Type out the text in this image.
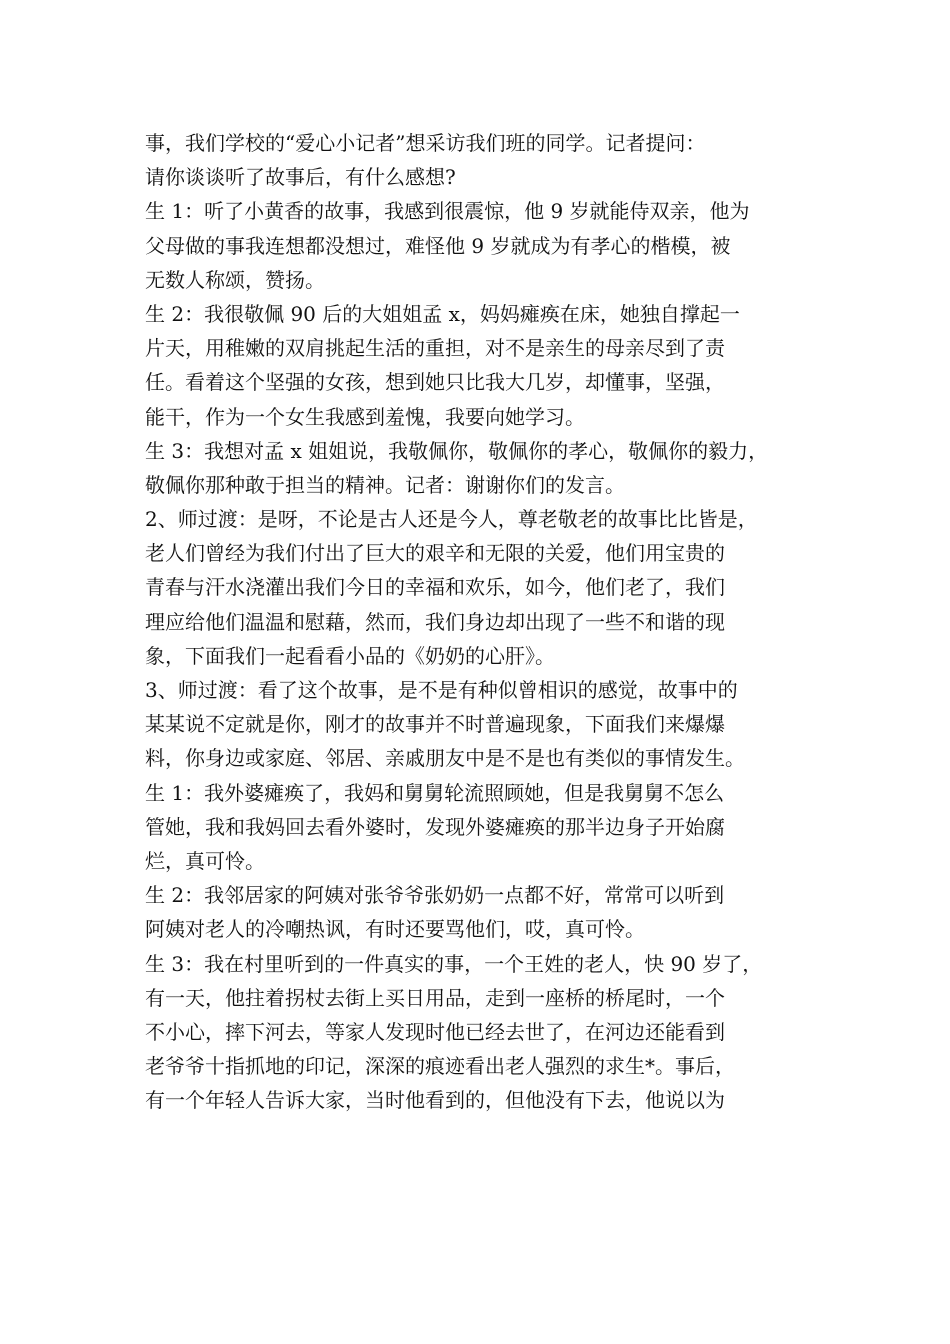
事，我们学校的“爱心小记者”想采访我们班的同学。记者提问：
请你谈谈听了故事后，有什么感想?
生 1：听了小黄香的故事，我感到很震惊，他 9 岁就能侍双亲，他为
父母做的事我连想都没想过，难怪他 9 岁就成为有孝心的楷模，被
无数人称颂，赞扬。
生 2：我很敬佩 90 后的大姐姐孟 x，妈妈瘫痪在床，她独自撑起一
片天，用稚嫩的双肩挑起生活的重担，对不是亲生的母亲尽到了责
任。看着这个坚强的女孩，想到她只比我大几岁，却懂事，坚强，
能干，作为一个女生我感到羞愧，我要向她学习。
生 3：我想对孟 x 姐姐说，我敬佩你，敬佩你的孝心，敬佩你的毅力，
敬佩你那种敢于担当的精神。记者：谢谢你们的发言。
2、师过渡：是呀，不论是古人还是今人，尊老敬老的故事比比皆是，
老人们曾经为我们付出了巨大的艰辛和无限的关爱，他们用宝贵的
青春与汗水浇灌出我们今日的幸福和欢乐，如今，他们老了，我们
理应给他们温温和慰藉，然而，我们身边却出现了一些不和谐的现
象，下面我们一起看看小品的《奶奶的心肝》。
3、师过渡：看了这个故事，是不是有种似曾相识的感觉，故事中的
某某说不定就是你，刚才的故事并不时普遍现象，下面我们来爆爆
料，你身边或家庭、邻居、亲戚朋友中是不是也有类似的事情发生。
生 1：我外婆瘫痪了，我妈和舅舅轮流照顾她，但是我舅舅不怎么
管她，我和我妈回去看外婆时，发现外婆瘫痪的那半边身子开始腐
烂，真可怜。
生 2：我邻居家的阿姨对张爷爷张奶奶一点都不好，常常可以听到
阿姨对老人的冷嘲热讽，有时还要骂他们，哎，真可怜。
生 3：我在村里听到的一件真实的事，一个王姓的老人，快 90 岁了，
有一天，他拄着拐杖去街上买日用品，走到一座桥的桥尾时，一个
不小心，摔下河去，等家人发现时他已经去世了，在河边还能看到
老爷爷十指抓地的印记，深深的痕迹看出老人强烈的求生*。事后，
有一个年轻人告诉大家，当时他看到的，但他没有下去，他说以为
